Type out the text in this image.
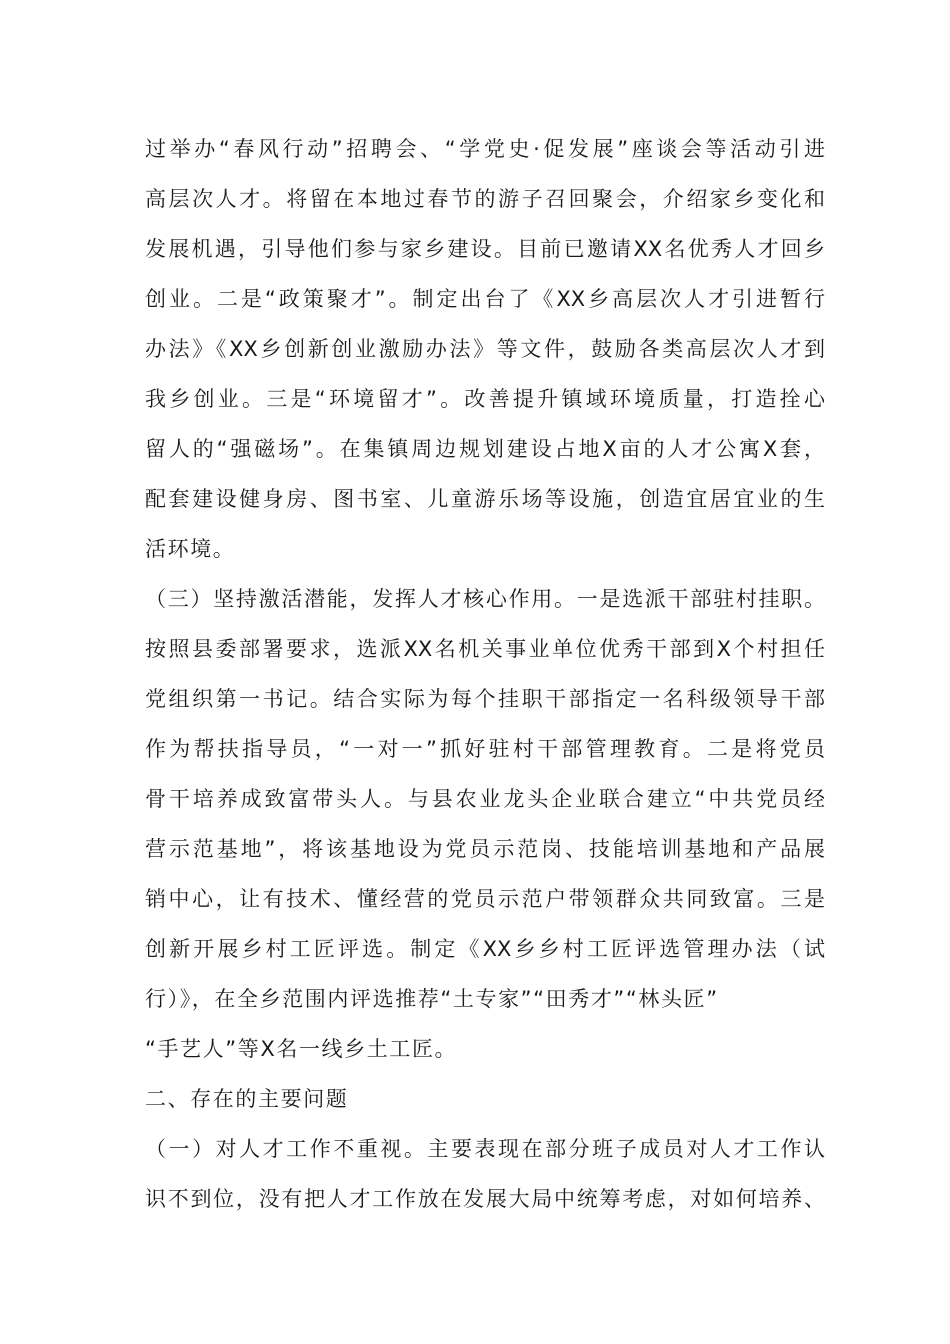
过举办“春风行动”招聘会、“学党史·促发展”座谈会等活动引进

高层次人才。将留在本地过春节的游子召回聚会，介绍家乡变化和

发展机遇，引导他们参与家乡建设。目前已邀请XX名优秀人才回乡

创业。二是“政策聚才”。制定出台了《XX乡高层次人才引进暂行

办法》《XX乡创新创业激励办法》等文件，鼓励各类高层次人才到

我乡创业。三是“环境留才”。改善提升镇域环境质量，打造拴心

留人的“强磁场”。在集镇周边规划建设占地X亩的人才公寓X套，

配套建设健身房、图书室、儿童游乐场等设施，创造宜居宜业的生

活环境。

（三）坚持激活潜能，发挥人才核心作用。一是选派干部驻村挂职。

按照县委部署要求，选派XX名机关事业单位优秀干部到X个村担任

党组织第一书记。结合实际为每个挂职干部指定一名科级领导干部

作为帮扶指导员，“一对一”抓好驻村干部管理教育。二是将党员

骨干培养成致富带头人。与县农业龙头企业联合建立“中共党员经

营示范基地”，将该基地设为党员示范岗、技能培训基地和产品展

销中心，让有技术、懂经营的党员示范户带领群众共同致富。三是

创新开展乡村工匠评选。制定《XX乡乡村工匠评选管理办法（试

行）》，在全乡范围内评选推荐“土专家”“田秀才”“林头匠”

“手艺人”等X名一线乡土工匠。

二、存在的主要问题

（一）对人才工作不重视。主要表现在部分班子成员对人才工作认

识不到位，没有把人才工作放在发展大局中统筹考虑，对如何培养、
